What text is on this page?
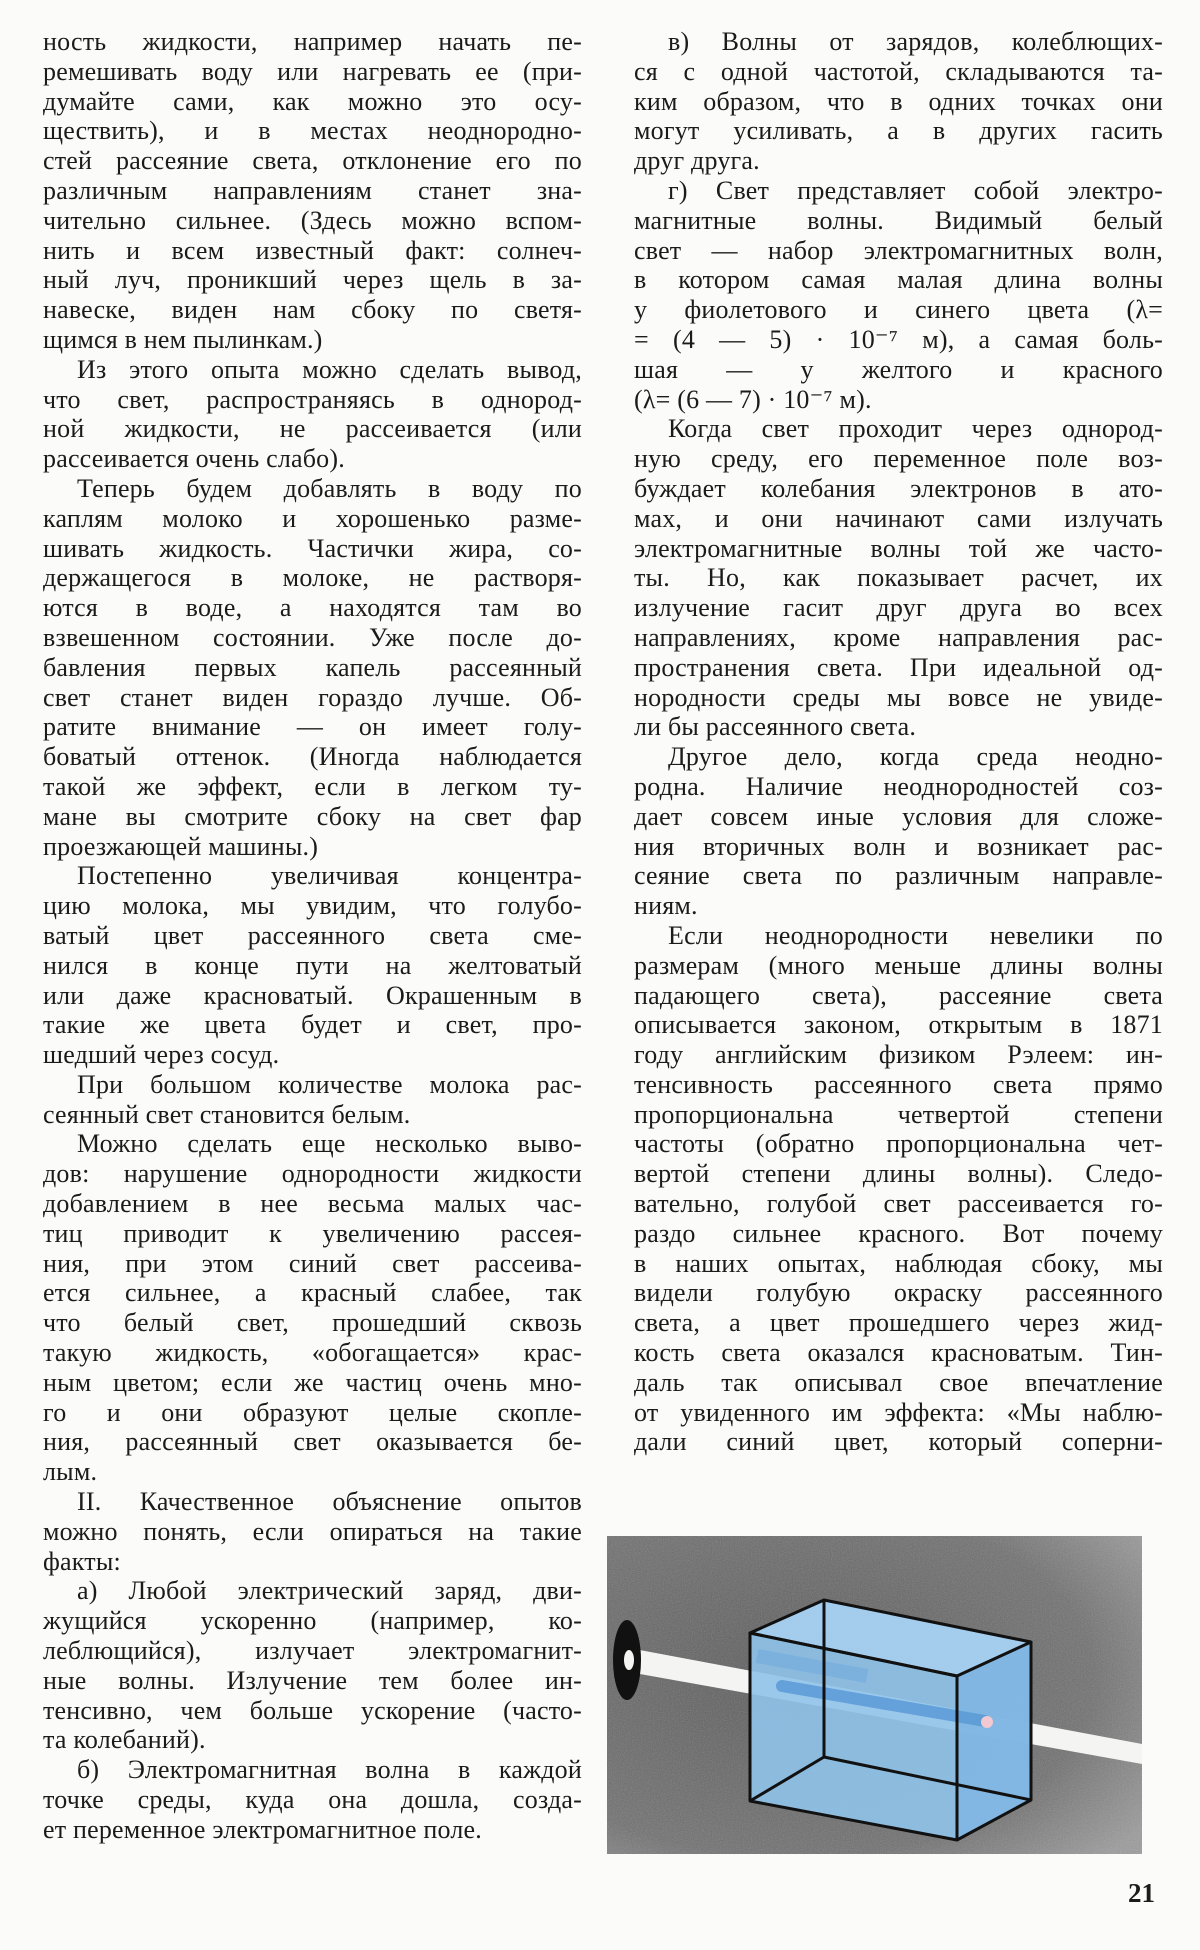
ность жидкости, например начать пе-
ремешивать воду или нагревать ее (при-
думайте сами, как можно это осу-
ществить), и в местах неоднородно-
стей рассеяние света, отклонение его по
различным направлениям станет зна-
чительно сильнее. (Здесь можно вспом-
нить и всем известный факт: солнеч-
ный луч, проникший через щель в за-
навеске, виден нам сбоку по светя-
щимся в нем пылинкам.)
Из этого опыта можно сделать вывод,
что свет, распространяясь в однород-
ной жидкости, не рассеивается (или
рассеивается очень слабо).
Теперь будем добавлять в воду по
каплям молоко и хорошенько разме-
шивать жидкость. Частички жира, со-
держащегося в молоке, не растворя-
ются в воде, а находятся там во
взвешенном состоянии. Уже после до-
бавления первых капель рассеянный
свет станет виден гораздо лучше. Об-
ратите внимание — он имеет голу-
боватый оттенок. (Иногда наблюдается
такой же эффект, если в легком ту-
мане вы смотрите сбоку на свет фар
проезжающей машины.)
Постепенно увеличивая концентра-
цию молока, мы увидим, что голубо-
ватый цвет рассеянного света сме-
нился в конце пути на желтоватый
или даже красноватый. Окрашенным в
такие же цвета будет и свет, про-
шедший через сосуд.
При большом количестве молока рас-
сеянный свет становится белым.
Можно сделать еще несколько выво-
дов: нарушение однородности жидкости
добавлением в нее весьма малых час-
тиц приводит к увеличению рассея-
ния, при этом синий свет рассеива-
ется сильнее, а красный слабее, так
что белый свет, прошедший сквозь
такую жидкость, «обогащается» крас-
ным цветом; если же частиц очень мно-
го и они образуют целые скопле-
ния, рассеянный свет оказывается бе-
лым.
II. Качественное объяснение опытов
можно понять, если опираться на такие
факты:
а) Любой электрический заряд, дви-
жущийся ускоренно (например, ко-
леблющийся), излучает электромагнит-
ные волны. Излучение тем более ин-
тенсивно, чем больше ускорение (часто-
та колебаний).
б) Электромагнитная волна в каждой
точке среды, куда она дошла, созда-
ет переменное электромагнитное поле.
в) Волны от зарядов, колеблющих-
ся с одной частотой, складываются та-
ким образом, что в одних точках они
могут усиливать, а в других гасить
друг друга.
г) Свет представляет собой электро-
магнитные волны. Видимый белый
свет — набор электромагнитных волн,
в котором самая малая длина волны
у фиолетового и синего цвета (λ=
= (4 — 5) · 10⁻⁷ м), а самая боль-
шая — у желтого и красного
(λ= (6 — 7) · 10⁻⁷ м).
Когда свет проходит через однород-
ную среду, его переменное поле воз-
буждает колебания электронов в ато-
мах, и они начинают сами излучать
электромагнитные волны той же часто-
ты. Но, как показывает расчет, их
излучение гасит друг друга во всех
направлениях, кроме направления рас-
пространения света. При идеальной од-
нородности среды мы вовсе не увиде-
ли бы рассеянного света.
Другое дело, когда среда неодно-
родна. Наличие неоднородностей соз-
дает совсем иные условия для сложе-
ния вторичных волн и возникает рас-
сеяние света по различным направле-
ниям.
Если неоднородности невелики по
размерам (много меньше длины волны
падающего света), рассеяние света
описывается законом, открытым в 1871
году английским физиком Рэлеем: ин-
тенсивность рассеянного света прямо
пропорциональна четвертой степени
частоты (обратно пропорциональна чет-
вертой степени длины волны). Следо-
вательно, голубой свет рассеивается го-
раздо сильнее красного. Вот почему
в наших опытах, наблюдая сбоку, мы
видели голубую окраску рассеянного
света, а цвет прошедшего через жид-
кость света оказался красноватым. Тин-
даль так описывал свое впечатление
от увиденного им эффекта: «Мы наблю-
дали синий цвет, который соперни-
21
